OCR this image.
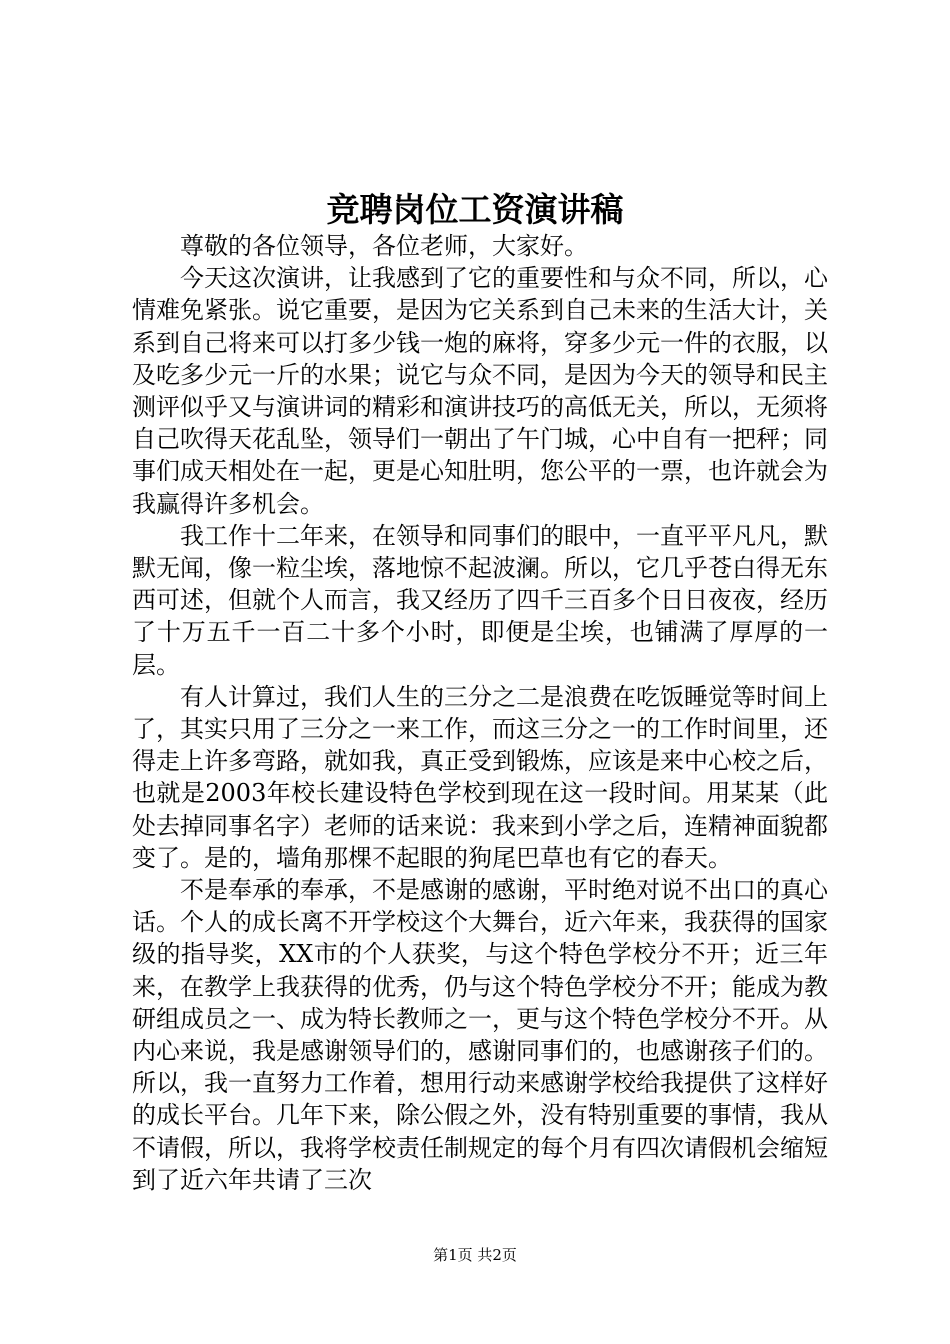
竞聘岗位工资演讲稿

尊敬的各位领导，各位老师，大家好。

今天这次演讲，让我感到了它的重要性和与众不同，所以，心情难免紧张。说它重要，是因为它关系到自己未来的生活大计，关系到自己将来可以打多少钱一炮的麻将，穿多少元一件的衣服，以及吃多少元一斤的水果；说它与众不同，是因为今天的领导和民主测评似乎又与演讲词的精彩和演讲技巧的高低无关，所以，无须将自己吹得天花乱坠，领导们一朝出了午门城，心中自有一把秤；同事们成天相处在一起，更是心知肚明，您公平的一票，也许就会为我赢得许多机会。

我工作十二年来，在领导和同事们的眼中，一直平平凡凡，默默无闻，像一粒尘埃，落地惊不起波澜。所以，它几乎苍白得无东西可述，但就个人而言，我又经历了四千三百多个日日夜夜，经历了十万五千一百二十多个小时，即便是尘埃，也铺满了厚厚的一层。

有人计算过，我们人生的三分之二是浪费在吃饭睡觉等时间上了，其实只用了三分之一来工作，而这三分之一的工作时间里，还得走上许多弯路，就如我，真正受到锻炼，应该是来中心校之后，也就是2003年校长建设特色学校到现在这一段时间。用某某（此处去掉同事名字）老师的话来说：我来到小学之后，连精神面貌都变了。是的，墙角那棵不起眼的狗尾巴草也有它的春天。

不是奉承的奉承，不是感谢的感谢，平时绝对说不出口的真心话。个人的成长离不开学校这个大舞台，近六年来，我获得的国家级的指导奖，XX市的个人获奖，与这个特色学校分不开；近三年来，在教学上我获得的优秀，仍与这个特色学校分不开；能成为教研组成员之一、成为特长教师之一，更与这个特色学校分不开。从内心来说，我是感谢领导们的，感谢同事们的，也感谢孩子们的。所以，我一直努力工作着，想用行动来感谢学校给我提供了这样好的成长平台。几年下来，除公假之外，没有特别重要的事情，我从不请假，所以，我将学校责任制规定的每个月有四次请假机会缩短到了近六年共请了三次

第1页 共2页
